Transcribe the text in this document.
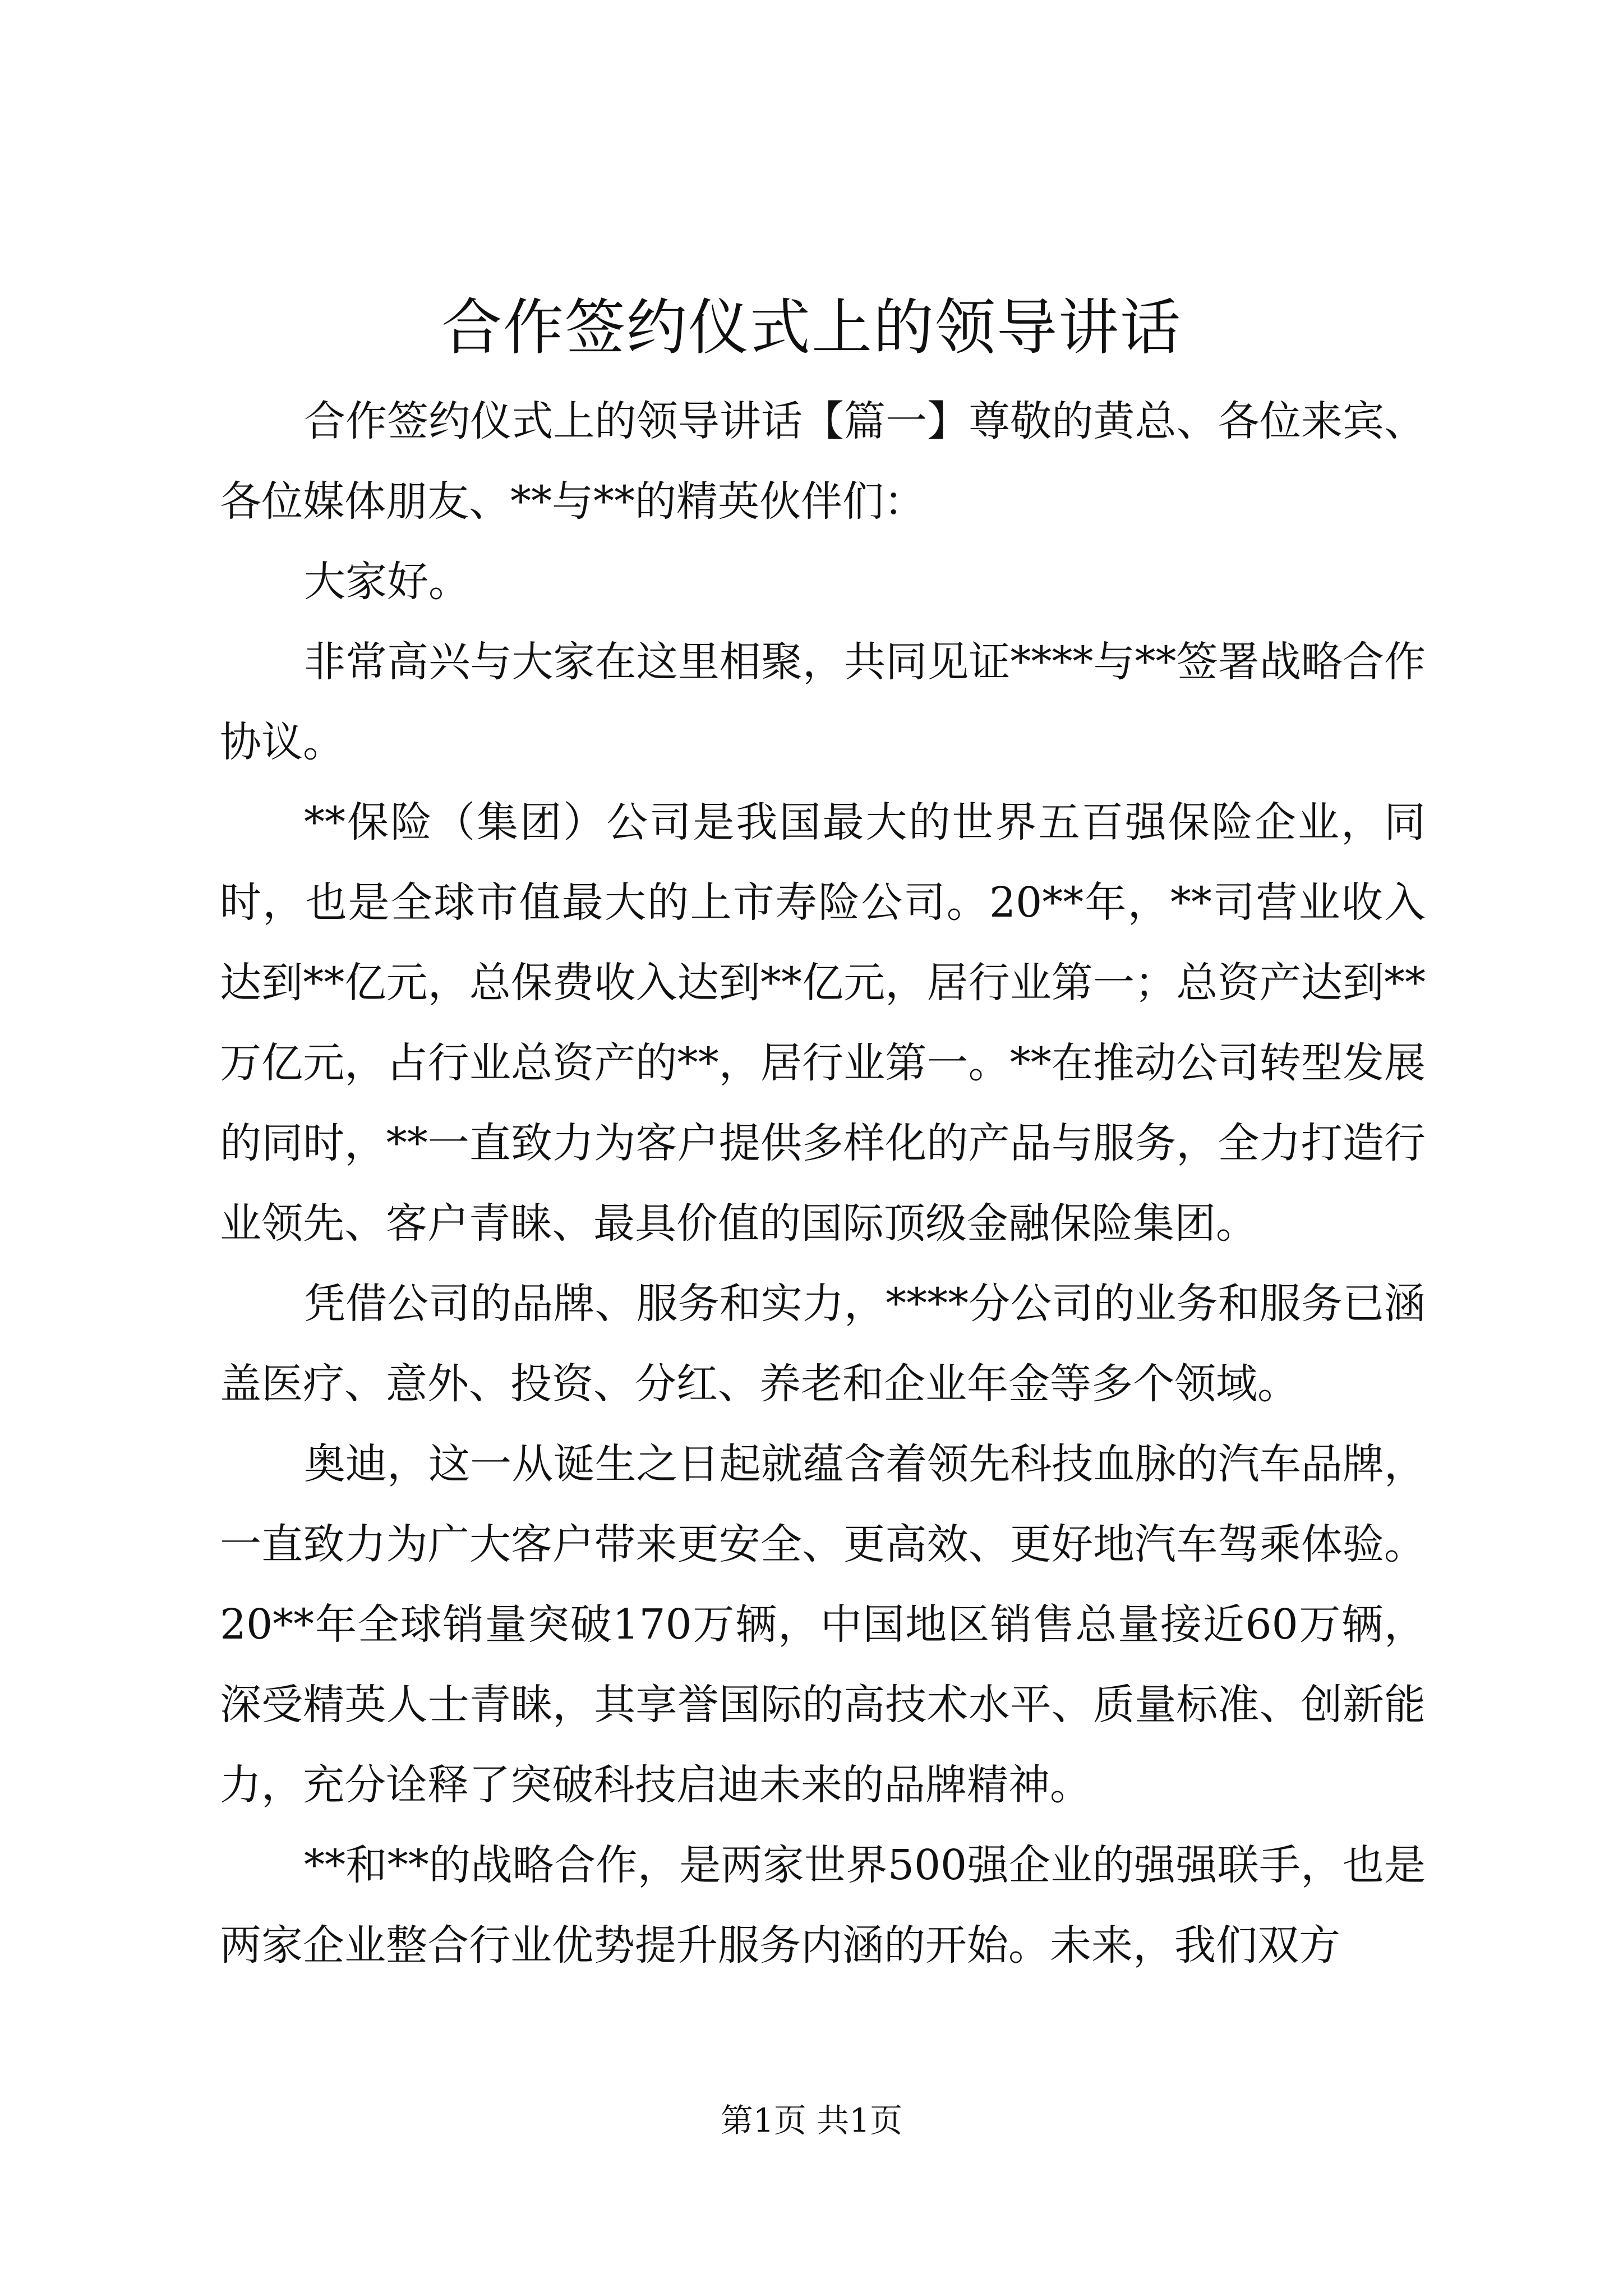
合作签约仪式上的领导讲话

合作签约仪式上的领导讲话【篇一】尊敬的黄总、各位来宾、各位媒体朋友、**与**的精英伙伴们：

大家好。

非常高兴与大家在这里相聚，共同见证****与**签署战略合作协议。

**保险（集团）公司是我国最大的世界五百强保险企业，同时，也是全球市值最大的上市寿险公司。20**年，**司营业收入达到**亿元，总保费收入达到**亿元，居行业第一；总资产达到**万亿元，占行业总资产的**，居行业第一。**在推动公司转型发展的同时，**一直致力为客户提供多样化的产品与服务，全力打造行业领先、客户青睐、最具价值的国际顶级金融保险集团。

凭借公司的品牌、服务和实力，****分公司的业务和服务已涵盖医疗、意外、投资、分红、养老和企业年金等多个领域。

奥迪，这一从诞生之日起就蕴含着领先科技血脉的汽车品牌，一直致力为广大客户带来更安全、更高效、更好地汽车驾乘体验。20**年全球销量突破170万辆，中国地区销售总量接近60万辆，深受精英人士青睐，其享誉国际的高技术水平、质量标准、创新能力，充分诠释了突破科技启迪未来的品牌精神。

**和**的战略合作，是两家世界500强企业的强强联手，也是两家企业整合行业优势提升服务内涵的开始。未来，我们双方

第1页 共1页
